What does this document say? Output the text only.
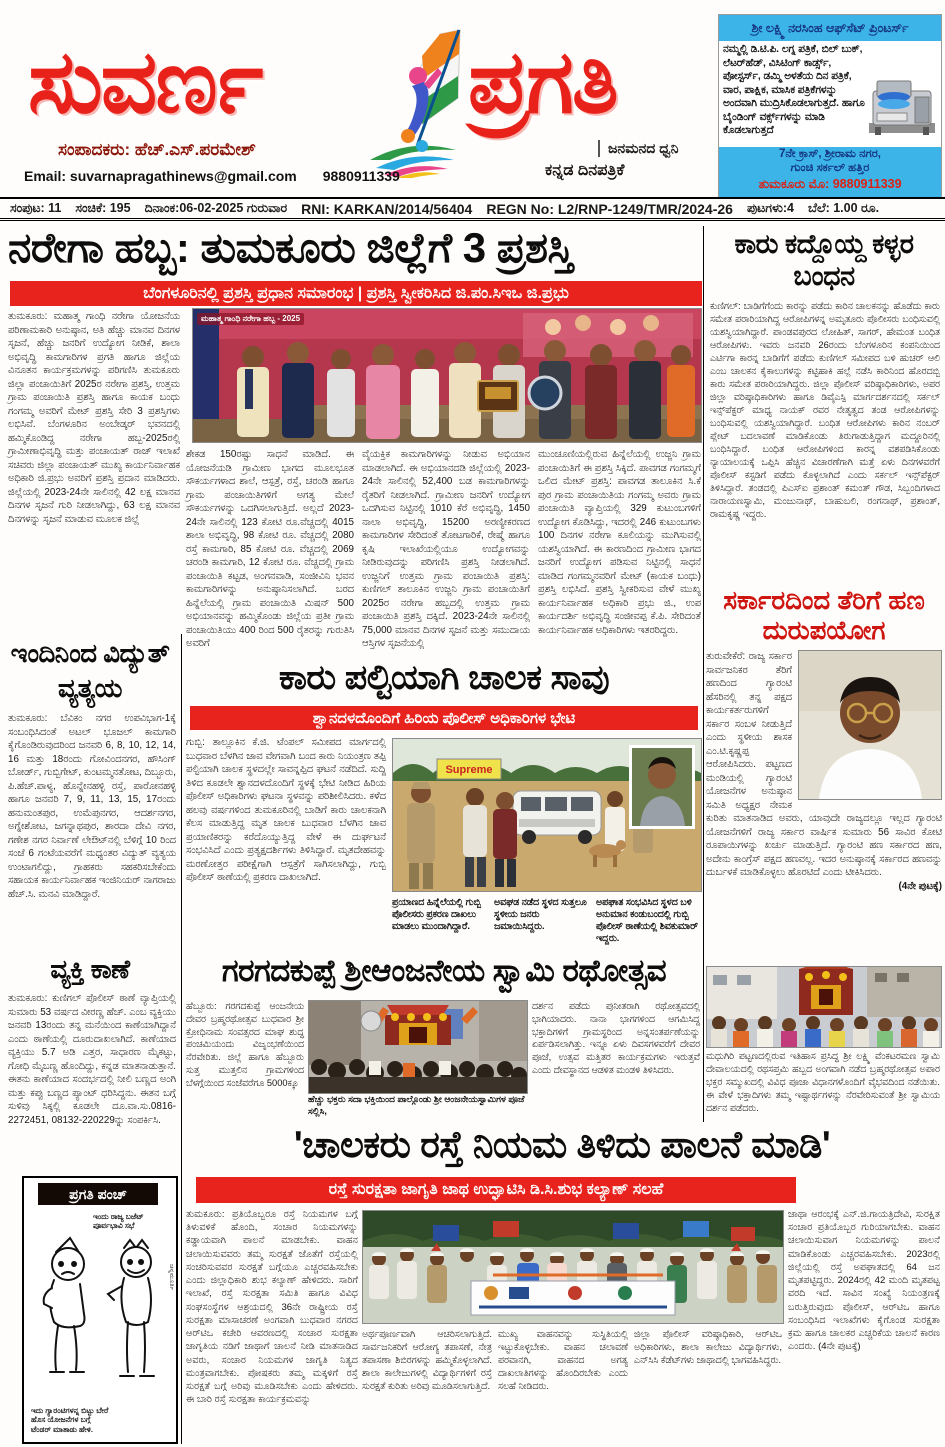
ಸುವರ್ಣ ಪ್ರಗತಿ
ಸಂಪಾದಕರು: ಹೆಚ್.ಎಸ್.ಪರಮೇಶ್
Email: suvarnapragathinews@gmail.com 9880911339
ಜನಮನದ ಧ್ವನಿ
ಕನ್ನಡ ದಿನಪತ್ರಿಕೆ
ಶ್ರೀ ಲಕ್ಷ್ಮಿ ನರಸಿಂಹ ಆಫ್‌ಸೆಟ್ ಪ್ರಿಂಟರ್ಸ್
ನಮ್ಮಲ್ಲಿ ಡಿ.ಟಿ.ಪಿ. ಲಗ್ನ ಪತ್ರಿಕೆ, ಬಿಲ್ ಬುಕ್, ಲೆಟರ್‌ಹೆಡ್, ವಿಸಿಟಿಂಗ್ ಕಾರ್ಡ್ಸ್, ಪೋಸ್ಟರ್ಸ್, ಡಮ್ಮಿ ಅಳತೆಯ ದಿನ ಪತ್ರಿಕೆ, ವಾರ, ಪಾಕ್ಷಿಕ, ಮಾಸಿಕ ಪತ್ರಿಕೆಗಳನ್ನು ಅಂದವಾಗಿ ಮುದ್ರಿಸಿಕೊಡಲಾಗುತ್ತದೆ. ಹಾಗೂ ಬೈಂಡಿಂಗ್ ವರ್ಕ್ಸ್‌ಗಳನ್ನು ಮಾಡಿ ಕೊಡಲಾಗುತ್ತದೆ
7ನೇ ಕ್ರಾಸ್, ಶ್ರೀರಾಮ ನಗರ,
ಗುಂಚಿ ಸರ್ಕಲ್ ಹತ್ತಿರ
ತುಮಕೂರು ಮೊ: 9880911339
ಸಂಪುಟ: 11 ಸಂಚಿಕೆ: 195 ದಿನಾಂಕ:06-02-2025 ಗುರುವಾರ RNI: KARKAN/2014/56404 REGN No: L2/RNP-1249/TMR/2024-26 ಪುಟಗಳು:4 ಬೆಲೆ: 1.00 ರೂ.
ನರೇಗಾ ಹಬ್ಬ: ತುಮಕೂರು ಜಿಲ್ಲೆಗೆ 3 ಪ್ರಶಸ್ತಿ
ಬೆಂಗಳೂರಿನಲ್ಲಿ ಪ್ರಶಸ್ತಿ ಪ್ರಧಾನ ಸಮಾರಂಭ | ಪ್ರಶಸ್ತಿ ಸ್ವೀಕರಿಸಿದ ಜಿ.ಪಂ.ಸಿಇಒ ಜಿ.ಪ್ರಭು
ತುಮಕೂರು: ಮಹಾತ್ಮ ಗಾಂಧಿ ನರೇಗಾ ಯೋಜನೆಯ ಪರಿಣಾಮಕಾರಿ ಅನುಷ್ಠಾನ, ಅತಿ ಹೆಚ್ಚು ಮಾನವ ದಿನಗಳ ಸೃಜನೆ, ಹೆಚ್ಚು ಜನರಿಗೆ ಉದ್ಯೋಗ ನೀಡಿಕೆ, ಶಾಲಾ ಅಭಿವೃದ್ಧಿ ಕಾಮಗಾರಿಗಳ ಪ್ರಗತಿ ಹಾಗೂ ಜಿಲ್ಲೆಯ ವಿನೂತನ ಕಾರ್ಯಕ್ರಮಗಳನ್ನು ಪರಿಗಣಿಸಿ ತುಮಕೂರು ಜಿಲ್ಲಾ ಪಂಚಾಯಿತಿಗೆ 2025ರ ನರೇಗಾ ಪ್ರಶಸ್ತಿ, ಉತ್ತಮ ಗ್ರಾಮ ಪಂಚಾಯಿತಿ ಪ್ರಶಸ್ತಿ ಹಾಗೂ ಕಾಯಕ ಬಂಧು ಗಂಗಮ್ಮ ಅವರಿಗೆ ಮೇಟ್ ಪ್ರಶಸ್ತಿ ಸೇರಿ 3 ಪ್ರಶಸ್ತಿಗಳು ಲಭಿಸಿವೆ. ಬೆಂಗಳೂರಿನ ಅಂಬೇಡ್ಕರ್ ಭವನದಲ್ಲಿ ಹಮ್ಮಿಕೊಂಡಿದ್ದ ನರೇಗಾ ಹಬ್ಬ-2025ರಲ್ಲಿ ಗ್ರಾಮೀಣಾಭಿವೃದ್ಧಿ ಮತ್ತು ಪಂಚಾಯತ್ ರಾಜ್ ಇಲಾಖೆ ಸಚಿವರು ಜಿಲ್ಲಾ ಪಂಚಾಯತ್ ಮುಖ್ಯ ಕಾರ್ಯನಿರ್ವಾಹಕ ಅಧಿಕಾರಿ ಜಿ.ಪ್ರಭು ಅವರಿಗೆ ಪ್ರಶಸ್ತಿ ಪ್ರದಾನ ಮಾಡಿದರು. ಜಿಲ್ಲೆಯಲ್ಲಿ 2023-24ನೇ ಸಾಲಿನಲ್ಲಿ 42 ಲಕ್ಷ ಮಾನವ ದಿನಗಳ ಸೃಜನೆ ಗುರಿ ನೀಡಲಾಗಿದ್ದು, 63 ಲಕ್ಷ ಮಾನವ ದಿನಗಳನ್ನು ಸೃಜನೆ ಮಾಡುವ ಮೂಲಕ ಜಿಲ್ಲೆ
ಮಹಾತ್ಮ ಗಾಂಧಿ ನರೇಗಾ ಹಬ್ಬ - 2025
ಶೇಕಡ 150ರಷ್ಟು ಸಾಧನೆ ಮಾಡಿದೆ. ಈ ಯೋಜನೆಯಡಿ ಗ್ರಾಮೀಣ ಭಾಗದ ಮೂಲಭೂತ ಸೌಕರ್ಯಗಳಾದ ಶಾಲೆ, ಆಸ್ಪತ್ರೆ, ರಸ್ತೆ, ಚರಂಡಿ ಹಾಗೂ ಗ್ರಾಮ ಪಂಚಾಯಿತಿಗಳಿಗೆ ಅಗತ್ಯ ಮೇಲೆ ಸೌಕರ್ಯಗಳನ್ನು ಒದಗಿಸಲಾಗುತ್ತಿದೆ. ಅಲ್ಲದೆ 2023-24ನೇ ಸಾಲಿನಲ್ಲಿ 123 ಕೋಟಿ ರೂ.ವೆಚ್ಚದಲ್ಲಿ 4015 ಶಾಲಾ ಅಭಿವೃದ್ಧಿ, 98 ಕೋಟಿ ರೂ. ವೆಚ್ಚದಲ್ಲಿ 2080 ರಸ್ತೆ ಕಾಮಗಾರಿ, 85 ಕೋಟಿ ರೂ. ವೆಚ್ಚದಲ್ಲಿ 2069 ಚರಂಡಿ ಕಾಮಗಾರಿ, 12 ಕೋಟಿ ರೂ. ವೆಚ್ಚದಲ್ಲಿ ಗ್ರಾಮ ಪಂಚಾಯಿತಿ ಕಟ್ಟಡ, ಅಂಗನವಾಡಿ, ಸಂಜೀವಿನಿ ಭವನ ಕಾಮಗಾರಿಗಳನ್ನು ಅನುಷ್ಠಾನಿಸಲಾಗಿದೆ. ಬರದ ಹಿನ್ನೆಲೆಯಲ್ಲಿ ಗ್ರಾಮ ಪಂಚಾಯಿತಿ ಮಿಷನ್ 500 ಅಭಿಯಾನವನ್ನು ಹಮ್ಮಿಕೊಂಡು ಜಿಲ್ಲೆಯ ಪ್ರತೀ ಗ್ರಾಮ ಪಂಚಾಯಿತಿಯು 400 ರಿಂದ 500 ರೈತರನ್ನು ಗುರುತಿಸಿ ಅವರಿಗೆ
ವೈಯಕ್ತಿಕ ಕಾಮಗಾರಿಗಳನ್ನು ನೀಡುವ ಅಭಿಯಾನ ಮಾಡಲಾಗಿದೆ. ಈ ಅಭಿಯಾನದಡಿ ಜಿಲ್ಲೆಯಲ್ಲಿ 2023-24ನೇ ಸಾಲಿನಲ್ಲಿ 52,400 ಬಡ ಕಾಮಗಾರಿಗಳನ್ನು ರೈತರಿಗೆ ನೀಡಲಾಗಿದೆ. ಗ್ರಾಮೀಣ ಜನರಿಗೆ ಉದ್ಯೋಗ ಒದಗಿಸುವ ನಿಟ್ಟಿನಲ್ಲಿ 1010 ಕೆರೆ ಅಭಿವೃದ್ಧಿ, 1450 ನಾಲಾ ಅಭಿವೃದ್ಧಿ, 15200 ಅರಣ್ಯೀಕರಣದ ಕಾಮಗಾರಿಗಳ ಸೇರಿದಂತೆ ತೋಟಗಾರಿಕೆ, ರೇಷ್ಮೆ ಹಾಗೂ ಕೃಷಿ ಇಲಾಖೆಯಲ್ಲಿಯೂ ಉದ್ಯೋಗವನ್ನು ನೀಡಿರುವುದನ್ನು ಪರಿಗಣಿಸಿ ಪ್ರಶಸ್ತಿ ನೀಡಲಾಗಿದೆ. ಉಜ್ಜನಿಗೆ ಉತ್ತಮ ಗ್ರಾಮ ಪಂಚಾಯಿತಿ ಪ್ರಶಸ್ತಿ: ಕುಣಿಗಲ್ ತಾಲೂಕಿನ ಉಜ್ಜನಿ ಗ್ರಾಮ ಪಂಚಾಯಿತಿಗೆ 2025ರ ನರೇಗಾ ಹಬ್ಬದಲ್ಲಿ ಉತ್ತಮ ಗ್ರಾಮ ಪಂಚಾಯಿತಿ ಪ್ರಶಸ್ತಿ ದಕ್ಕಿದೆ. 2023-24ನೇ ಸಾಲಿನಲ್ಲಿ 75,000 ಮಾನವ ದಿನಗಳ ಸೃಜನೆ ಮತ್ತು ಸಮುದಾಯ ಆಸ್ತಿಗಳ ಸೃಜನೆಯಲ್ಲಿ
ಮುಂಚೂಣಿಯಲ್ಲಿರುವ ಹಿನ್ನೆಲೆಯಲ್ಲಿ ಉಜ್ಜನಿ ಗ್ರಾಮ ಪಂಚಾಯಿತಿಗೆ ಈ ಪ್ರಶಸ್ತಿ ಸಿಕ್ಕಿದೆ. ಪಾವಗಡ ಗಂಗಮ್ಮಗೆ ಒಲಿದ ಮೇಟ್ ಪ್ರಶಸ್ತಿ: ಪಾವಗಡ ತಾಲೂಕಿನ ಸಿ.ಕೆ ಪುರ ಗ್ರಾಮ ಪಂಚಾಯಿತಿಯ ಗಂಗಮ್ಮ ಅವರು ಗ್ರಾಮ ಪಂಚಾಯಿತಿ ವ್ಯಾಪ್ತಿಯಲ್ಲಿ 329 ಕುಟುಂಬಗಳಿಗೆ ಉದ್ಯೋಗ ಕೊಡಿಸಿದ್ದು, ಇದರಲ್ಲಿ 246 ಕುಟುಂಬಗಳು 100 ದಿನಗಳ ನರೇಗಾ ಕೂಲಿಯನ್ನು ಮುಗಿಸುವಲ್ಲಿ ಯಶಸ್ವಿಯಾಗಿದೆ. ಈ ಕಾರಣದಿಂದ ಗ್ರಾಮೀಣ ಭಾಗದ ಜನರಿಗೆ ಉದ್ಯೋಗ ಪಡಿಸುವ ನಿಟ್ಟಿನಲ್ಲಿ ಸಾಧನೆ ಮಾಡಿದ ಗಂಗಮ್ಮನವರಿಗೆ ಮೇಟ್ (ಕಾಯಕ ಬಂಧು) ಪ್ರಶಸ್ತಿ ಲಭಿಸಿದೆ. ಪ್ರಶಸ್ತಿ ಸ್ವೀಕರಿಸುವ ವೇಳೆ ಮುಖ್ಯ ಕಾರ್ಯನಿರ್ವಾಹಕ ಅಧಿಕಾರಿ ಪ್ರಭು ಜಿ., ಉಪ ಕಾರ್ಯದರ್ಶಿ ಅಭಿವೃದ್ಧಿ ಸಂಜೀವಪ್ಪ ಕೆ.ಪಿ. ಸೇರಿದಂತೆ ಕಾರ್ಯನಿರ್ವಾಹಕ ಅಧಿಕಾರಿಗಳು ಇತರರಿದ್ದರು.
ಕಾರು ಕದ್ದೊಯ್ದ ಕಳ್ಳರ ಬಂಧನ
ಕುಣಿಗಲ್: ಬಾಡಿಗೆಗೆಂದು ಕಾರನ್ನು ಪಡೆದು ಕಾರಿನ ಚಾಲಕನನ್ನು ಹೊಡೆದು ಕಾರು ಸಮೇತ ಪರಾರಿಯಾಗಿದ್ದ ಆರೋಪಿಗಳನ್ನ ಅಮೃತೂರು ಪೊಲೀಸರು ಬಂಧಿಸುವಲ್ಲಿ ಯಶಸ್ವಿಯಾಗಿದ್ದಾರೆ. ಪಾಂಡವಪುರದ ಲೋಹಿತ್, ಸಾಗರ್, ಹೇಮಂತ ಬಂಧಿತ ಆರೋಪಿಗಳು. ಇವರು ಜನವರಿ 26ರಂದು ಬೆಂಗಳೂರಿನ ಕಂಪನಿಯಿಂದ ಎರ್ಟಿಗಾ ಕಾರನ್ನ ಬಾಡಿಗೆಗೆ ಪಡೆದು ಕುಣಿಗಲ್ ಸಮೀಪದ ಬಳಿ ಹುಚರ್ ಆಲಿ ಎಂಬ ಚಾಲಕನ ಕೈಕಾಲುಗಳನ್ನು ಕಟ್ಟಿಹಾಕಿ ಹಲ್ಲೆ ನಡೆಸಿ ಕಾರಿನಿಂದ ಹೊರದಬ್ಬಿ ಕಾರು ಸಮೇತ ಪರಾರಿಯಾಗಿದ್ದರು. ಜಿಲ್ಲಾ ಪೊಲೀಸ್ ವರಿಷ್ಠಾಧಿಕಾರಿಗಳು, ಅಪರ ಜಿಲ್ಲಾ ವರಿಷ್ಠಾಧಿಕಾರಿಗಳು ಹಾಗೂ ಡಿವೈಎಸ್ಪಿ ಮಾರ್ಗದರ್ಶನದಲ್ಲಿ ಸರ್ಕಲ್ ಇನ್ಸ್‌ಪೆಕ್ಟರ್ ಮಾಧ್ಯ ನಾಯಕ್ ರವರ ನೇತೃತ್ವದ ತಂಡ ಆರೋಪಿಗಳನ್ನು ಬಂಧಿಸುವಲ್ಲಿ ಯಶಸ್ವಿಯಾಗಿದ್ದಾರೆ. ಬಂಧಿತ ಆರೋಪಿಗಳು ಕಾರಿನ ನಂಬರ್ ಪ್ಲೇಟ್ ಬದಲಾವಣೆ ಮಾಡಿಕೊಂಡು ತಿರುಗಾಡುತ್ತಿದ್ದಾಗ ಮದ್ದೂರಿನಲ್ಲಿ ಬಂಧಿಸಿದ್ದಾರೆ. ಬಂಧಿತ ಆರೋಪಿಗಳಿಂದ ಕಾರನ್ನ ವಶಪಡಿಸಿಕೊಂಡು ನ್ಯಾಯಾಲಯಕ್ಕೆ ಒಪ್ಪಿಸಿ ಹೆಚ್ಚಿನ ವಿಚಾರಣೆಗಾಗಿ ಮತ್ತೆ ಏಳು ದಿನಗಳವರೆಗೆ ಪೊಲೀಸ್ ಕಸ್ಟಡಿಗೆ ಪಡೆದು ಕೊಳ್ಳಲಾಗಿದೆ ಎಂದು ಸರ್ಕಲ್ ಇನ್ಸ್‌ಪೆಕ್ಟರ್ ತಿಳಿಸಿದ್ದಾರೆ. ತಂಡದಲ್ಲಿ ಪಿಎಸ್ಐ ಪ್ರಶಾಂತ್ ಕಮಂತ್ ಗೌಡ, ಸಿಬ್ಬಂದಿಗಳಾದ ನಾರಾಯಣಸ್ವಾಮಿ, ಮಂಜುನಾಥ್, ಬಾಹುಬಲಿ, ರಂಗನಾಥ್, ಪ್ರಶಾಂತ್, ರಾಮಕೃಷ್ಣ ಇದ್ದರು.
ಸರ್ಕಾರದಿಂದ ತೆರಿಗೆ ಹಣ ದುರುಪಯೋಗ
ತುರುವೇಕೆರೆ: ರಾಜ್ಯ ಸರ್ಕಾರ ಸಾರ್ವಜನಿಕರ ತೆರಿಗೆ ಹಣದಿಂದ ಗ್ಯಾರಂಟಿ ಹೆಸರಿನಲ್ಲಿ ತನ್ನ ಪಕ್ಷದ ಕಾರ್ಯಕರ್ತರುಗಳಿಗೆ ಸರ್ಕಾರ ಸಂಬಳ ನೀಡುತ್ತಿದೆ ಎಂದು ಸ್ಥಳೀಯ ಶಾಸಕ ಎಂ.ಟಿ.ಕೃಷ್ಣಪ್ಪ ಆರೋಪಿಸಿದರು. ಪಟ್ಟಣದ ಮಂಡಿಯಲ್ಲಿ ಗ್ಯಾರಂಟಿ ಯೋಜನೆಗಳ ಅನುಷ್ಠಾನ ಸಮಿತಿ ಅಧ್ಯಕ್ಷರ ನೇಮಕ ಕುರಿತು ಮಾತನಾಡಿದ ಅವರು, ಯಾವುದೇ ರಾಜ್ಯದಲ್ಲೂ ಇಲ್ಲದ ಗ್ಯಾರಂಟಿ ಯೋಜನೆಗಳಿಗೆ ರಾಜ್ಯ ಸರ್ಕಾರ ವಾರ್ಷಿಕ ಸುಮಾರು 56 ಸಾವಿರ ಕೋಟಿ ರೂಪಾಯಿಗಳನ್ನು ಖರ್ಚು ಮಾಡುತ್ತಿದೆ. ಗ್ಯಾರಂಟಿ ಹಣ ಸರ್ಕಾರದ ಹಣ, ಅದೇನು ಕಾಂಗ್ರೆಸ್ ಪಕ್ಷದ ಹಣವಲ್ಲ. ಇದರ ಅನುಷ್ಠಾನಕ್ಕೆ ಸರ್ಕಾರದ ಹಣವನ್ನು ದುರ್ಬಳಕೆ ಮಾಡಿಕೊಳ್ಳಲು ಹೊರಟಿದೆ ಎಂದು ಟೀಕಿಸಿದರು.
(4ನೇ ಪುಟಕ್ಕೆ)
ಮಧುಗಿರಿ ಪಟ್ಟಣದಲ್ಲಿರುವ ಇತಿಹಾಸ ಪ್ರಸಿದ್ಧ ಶ್ರೀ ಲಕ್ಷ್ಮಿ ವೆಂಕಟರಮಣ ಸ್ವಾಮಿ ದೇವಾಲಯದಲ್ಲಿ ರಥಸಪ್ತಮಿ ಹಬ್ಬದ ಅಂಗವಾಗಿ ನಡೆದ ಬ್ರಹ್ಮರಥೋತ್ಸವ ಅಪಾರ ಭಕ್ತರ ಸಮ್ಮುಖದಲ್ಲಿ ವಿವಿಧ ಪೂಜಾ ವಿಧಾನಗಳೊಂದಿಗೆ ವೈಭವದಿಂದ ನಡೆಯಿತು. ಈ ವೇಳೆ ಭಕ್ತಾದಿಗಳು ತಮ್ಮ ಇಷ್ಟಾರ್ಥಗಳನ್ನು ನೆರವೇರಿಸುವಂತೆ ಶ್ರೀ ಸ್ವಾಮಿಯ ದರ್ಶನ ಪಡೆದರು.
ಕಾರು ಪಲ್ಟಿಯಾಗಿ ಚಾಲಕ ಸಾವು
ಶ್ವಾನದಳದೊಂದಿಗೆ ಹಿರಿಯ ಪೊಲೀಸ್ ಅಧಿಕಾರಿಗಳ ಭೇಟಿ
ಗುಬ್ಬಿ: ತಾಲ್ಲೂಕಿನ ಕೆ.ಜಿ. ಟೆಂಪಲ್ ಸಮೀಪದ ಮಾರ್ಗದಲ್ಲಿ ಬುಧವಾರ ಬೆಳಗಿನ ಜಾವ ವೇಗವಾಗಿ ಬಂದ ಕಾರು ನಿಯಂತ್ರಣ ತಪ್ಪಿ ಪಲ್ಟಿಯಾಗಿ ಚಾಲಕ ಸ್ಥಳದಲ್ಲೇ ಸಾವನ್ನಪ್ಪಿದ ಘಟನೆ ನಡೆದಿದೆ. ಸುದ್ದಿ ತಿಳಿದ ಕೂಡಲೇ ಶ್ವಾನದಳದೊಂದಿಗೆ ಸ್ಥಳಕ್ಕೆ ಭೇಟಿ ನೀಡಿದ ಹಿರಿಯ ಪೊಲೀಸ್ ಅಧಿಕಾರಿಗಳು ಘಟನಾ ಸ್ಥಳವನ್ನು ಪರಿಶೀಲಿಸಿದರು. ಕಳೆದ ಹಲವು ವರ್ಷಗಳಿಂದ ತುಮಕೂರಿನಲ್ಲಿ ಬಾಡಿಗೆ ಕಾರು ಚಾಲಕನಾಗಿ ಕೆಲಸ ಮಾಡುತ್ತಿದ್ದ ಮೃತ ಚಾಲಕ ಬುಧವಾರ ಬೆಳಗಿನ ಜಾವ ಪ್ರಯಾಣಿಕರನ್ನು ಕರೆದೊಯ್ಯುತ್ತಿದ್ದ ವೇಳೆ ಈ ದುರ್ಘಟನೆ ಸಂಭವಿಸಿದೆ ಎಂದು ಪ್ರತ್ಯಕ್ಷದರ್ಶಿಗಳು ತಿಳಿಸಿದ್ದಾರೆ. ಮೃತದೇಹವನ್ನು ಮರಣೋತ್ತರ ಪರೀಕ್ಷೆಗಾಗಿ ಆಸ್ಪತ್ರೆಗೆ ಸಾಗಿಸಲಾಗಿದ್ದು, ಗುಬ್ಬಿ ಪೊಲೀಸ್ ಠಾಣೆಯಲ್ಲಿ ಪ್ರಕರಣ ದಾಖಲಾಗಿದೆ.
Supreme
ಪ್ರಯಾಣದ ಹಿನ್ನೆಲೆಯಲ್ಲಿ ಗುಬ್ಬಿ ಪೊಲೀಸರು ಪ್ರಕರಣ ದಾಖಲು ಮಾಡಲು ಮುಂದಾಗಿದ್ದಾರೆ.
ಅವಘಡ ನಡೆದ ಸ್ಥಳದ ಸುತ್ತಲೂ ಸ್ಥಳೀಯ ಜನರು ಜಮಾಯಿಸಿದ್ದರು.
ಅಪಘಾತ ಸಂಭವಿಸಿದ ಸ್ಥಳದ ಬಳಿ ಅನುಮಾನ ಕಂಡುಬಂದಲ್ಲಿ ಗುಬ್ಬಿ ಪೊಲೀಸ್ ಠಾಣೆಯಲ್ಲಿ ಶಿವಕುಮಾರ್ ಇದ್ದರು.
ಗರಗದಕುಪ್ಪೆ ಶ್ರೀಆಂಜನೇಯ ಸ್ವಾಮಿ ರಥೋತ್ಸವ
ಹೆಬ್ಬೂರು: ಗರಗದಕುಪ್ಪೆ ಆಂಜನೇಯ ದೇವರ ಬ್ರಹ್ಮರಥೋತ್ಸವ ಬುಧವಾರ ಶ್ರೀ ಕ್ರೋಧಿನಾಮ ಸಂವತ್ಸರದ ಮಾಘ ಶುದ್ಧ ಪಂಚಮಿಯಂದು ವಿಜೃಂಭಣೆಯಿಂದ ನೆರವೇರಿತು. ಜಿಲ್ಲೆ ಹಾಗೂ ಹೆಬ್ಬೂರು ಸುತ್ತ ಮುತ್ತಲಿನ ಗ್ರಾಮಗಳಿಂದ ಬೆಳಗ್ಗೆಯಿಂದ ಸಂಜೆವರೆಗೂ 5000ಕ್ಕೂ
ಹೆಚ್ಚು ಭಕ್ತರು ಸದಾ ಭಕ್ತಿಯಿಂದ ಪಾಲ್ಗೊಂಡು ಶ್ರೀ ಆಂಜನೇಯಸ್ವಾಮಿಗಳ ಪೂಜೆ ಸಲ್ಲಿಸಿ,
ದರ್ಶನ ಪಡೆದು ಪುನೀತರಾಗಿ ರಥೋತ್ಸವದಲ್ಲಿ ಭಾಗಿಯಾದರು. ನಾನಾ ಭಾಗಗಳಿಂದ ಆಗಮಿಸಿದ್ದ ಭಕ್ತಾದಿಗಳಿಗೆ ಗ್ರಾಮಸ್ಥರಿಂದ ಅನ್ನಸಂತರ್ಪಣೆಯನ್ನು ಏರ್ಪಡಿಸಲಾಗಿತ್ತು. ಇನ್ನೂ ಏಳು ದಿವಸಗಳವರೆಗೆ ದೇವರ ಪೂಜೆ, ಉತ್ಸವ ಮತ್ತಿತರ ಕಾರ್ಯಕ್ರಮಗಳು ಇರುತ್ತವೆ ಎಂದು ದೇವಸ್ಥಾನದ ಆಡಳಿತ ಮಂಡಳಿ ತಿಳಿಸಿದರು.
ಇಂದಿನಿಂದ ವಿದ್ಯುತ್ ವ್ಯತ್ಯಯ
ತುಮಕೂರು: ಬೆವಿಕಂ ನಗರ ಉಪವಿಭಾಗ-1ಕ್ಕೆ ಸಂಬಂಧಿಸಿದಂತೆ ಅಟಲ್ ಭೂಜಲ್ ಕಾಮಗಾರಿ ಕೈಗೊಂಡಿರುವುದರಿಂದ ಜನವರಿ 6, 8, 10, 12, 14, 16 ಮತ್ತು 18ರಂದು ಗೋವಿಂದನಗರ, ಹೌಸಿಂಗ್ ಬೋರ್ಡ್, ಗುಬ್ಬಿಗೇಟ್, ಕುಂಟಮ್ಮನತೋಟ, ದಿಬ್ಬೂರು, ಪಿ.ಹೆಚ್.ಪಾಳ್ಯ, ಹೊನ್ನೇನಹಳ್ಳಿ ರಸ್ತೆ, ಪಾರೋನಹಳ್ಳಿ ಹಾಗೂ ಜನವರಿ 7, 9, 11, 13, 15, 17ರಂದು ಹನುಮಂತಪುರ, ಉಮೆಪುನಗರ, ಆದರ್ಶನಗರ, ಅಗ್ನೇಶೋಟ, ಜಗನ್ನಾಥಪುರ, ಶಾರದಾ ದೇವಿ ನಗರ, ಗಣೇಶ ನಗರ ನಿರ್ವಾಣೆ ಲೇಔಟ್‌ನಲ್ಲಿ ಬೆಳಿಗ್ಗೆ 10 ರಿಂದ ಸಂಜೆ 6 ಗಂಟೆಯವರೆಗೆ ಮಧ್ಯಂತರ ವಿದ್ಯುತ್ ವ್ಯತ್ಯಯ ಉಂಟಾಗಲಿದ್ದು, ಗ್ರಾಹಕರು ಸಹಕರಿಸಬೇಕೆಂದು ಸಹಾಯಕ ಕಾರ್ಯನಿರ್ವಾಹಕ ಇಂಜಿನಿಯರ್ ನಾಗರಾಜು ಹೆಚ್.ಸಿ. ಮನವಿ ಮಾಡಿದ್ದಾರೆ.
ವ್ಯಕ್ತಿ ಕಾಣೆ
ತುಮಕೂರು: ಕುಣಿಗಲ್ ಪೊಲೀಸ್ ಠಾಣೆ ವ್ಯಾಪ್ತಿಯಲ್ಲಿ ಸುಮಾರು 53 ವರ್ಷದ ವೀರಣ್ಣ ಹೆಚ್. ಎಂಬ ವ್ಯಕ್ತಿಯು ಜನವರಿ 13ರಂದು ತನ್ನ ಮನೆಯಿಂದ ಕಾಣೆಯಾಗಿದ್ದಾನೆ ಎಂದು ಠಾಣೆಯಲ್ಲಿ ದೂರುದಾಖಲಾಗಿದೆ. ಕಾಣೆಯಾದ ವ್ಯಕ್ತಿಯು 5.7 ಅಡಿ ಎತ್ತರ, ಸಾಧಾರಣ ಮೈಕಟ್ಟು, ಗೋಧಿ ಮೈಬಣ್ಣ ಹೊಂದಿದ್ದು, ಕನ್ನಡ ಮಾತನಾಡುತ್ತಾನೆ. ಈತನು ಕಾಣೆಯಾದ ಸಂದರ್ಭದಲ್ಲಿ ನೀಲಿ ಬಣ್ಣದ ಅಂಗಿ ಮತ್ತು ಕಪ್ಪು ಬಣ್ಣದ ಪ್ಯಾಂಟ್ ಧರಿಸಿದ್ದನು. ಈತನ ಬಗ್ಗೆ ಸುಳಿವು ಸಿಕ್ಕಲ್ಲಿ ಕೂಡಲೇ ದೂ.ವಾ.ಸು.0816-2272451, 08132-220229ನ್ನು ಸಂಪರ್ಕಿಸಿ.
ಪ್ರಗತಿ ಪಂಚ್
ಇಂದು ರಾಜ್ಯ ಬಜೆಟ್ ಪೂರ್ವಭಾವಿ ಸಭೆ
ಇದು ಗ್ಯಾರಂಟಿಗಳನ್ನ ಬಿಟ್ಟು ಬೇರೆ ಹೊಸ ಯೋಜನೆಗಳ ಬಗ್ಗೆ ಟೆಂಡರ್ ಮಾತಾಡು ಹೇಳಿ.
ಚನ್ನಮೂರ್ತಿ
'ಚಾಲಕರು ರಸ್ತೆ ನಿಯಮ ತಿಳಿದು ಪಾಲನೆ ಮಾಡಿ'
ರಸ್ತೆ ಸುರಕ್ಷತಾ ಜಾಗೃತಿ ಜಾಥ ಉದ್ಘಾಟಿಸಿ ಡಿ.ಸಿ.ಶುಭ ಕಲ್ಯಾಣ್ ಸಲಹೆ
ತುಮಕೂರು: ಪ್ರತಿಯೊಬ್ಬರೂ ರಸ್ತೆ ನಿಯಮಗಳ ಬಗ್ಗೆ ತಿಳುವಳಿಕೆ ಹೊಂದಿ, ಸಂಚಾರ ನಿಯಮಗಳನ್ನು ಕಡ್ಡಾಯವಾಗಿ ಪಾಲನೆ ಮಾಡಬೇಕು. ವಾಹನ ಚಲಾಯಿಸುವವರು ತಮ್ಮ ಸುರಕ್ಷತೆ ಜೊತೆಗೆ ರಸ್ತೆಯಲ್ಲಿ ಸಂಚರಿಸುವವರ ಸುರಕ್ಷತೆ ಬಗ್ಗೆಯೂ ಎಚ್ಚರವಹಿಸಬೇಕು ಎಂದು ಜಿಲ್ಲಾಧಿಕಾರಿ ಶುಭ ಕಲ್ಯಾಣ್ ಹೇಳಿದರು. ಸಾರಿಗೆ ಇಲಾಖೆ, ರಸ್ತೆ ಸುರಕ್ಷತಾ ಸಮಿತಿ ಹಾಗೂ ವಿವಿಧ ಸಂಘಸಂಸ್ಥೆಗಳ ಆಶ್ರಯದಲ್ಲಿ 36ನೇ ರಾಷ್ಟ್ರೀಯ ರಸ್ತೆ ಸುರಕ್ಷತಾ ಮಾಸಾಚರಣೆ ಅಂಗವಾಗಿ ಬುಧವಾರ ನಗರದ ಆರ್‌ಟಿಒ ಕಚೇರಿ ಆವರಣದಲ್ಲಿ ಸಂಚಾರ ಸುರಕ್ಷತಾ ಜಾಗೃತಿಯ ನಡಿಗೆ ಜಾಥಾಗೆ ಚಾಲನೆ ನೀಡಿ ಮಾತನಾಡಿದ ಅವರು, ಸಂಚಾರ ನಿಯಮಗಳ ಜಾಗೃತಿ ನಿತ್ಯದ ಮಂತ್ರವಾಗಬೇಕು. ಪೋಷಕರು ತಮ್ಮ ಮಕ್ಕಳಿಗೆ ರಸ್ತೆ ಸುರಕ್ಷತೆ ಬಗ್ಗೆ ಅರಿವು ಮೂಡಿಸಬೇಕು ಎಂದು ಹೇಳಿದರು. ಈ ಬಾರಿ ರಸ್ತೆ ಸುರಕ್ಷತಾ ಕಾರ್ಯಕ್ರಮವನ್ನು
ಅರ್ಥಪೂರ್ಣವಾಗಿ ಆಚರಿಸಲಾಗುತ್ತಿದೆ. ಸಾರ್ವಜನಿಕರಿಗೆ ಆರೋಗ್ಯ ತಪಾಸಣೆ, ನೇತ್ರ ತಪಾಸಣಾ ಶಿಬಿರಗಳನ್ನು ಹಮ್ಮಿಕೊಳ್ಳಲಾಗಿದೆ. ಶಾಲಾ ಕಾಲೇಜುಗಳಲ್ಲಿ ವಿದ್ಯಾರ್ಥಿಗಳಿಗೆ ರಸ್ತೆ ಸುರಕ್ಷತೆ ಕುರಿತು ಅರಿವು ಮೂಡಿಸಲಾಗುತ್ತಿದೆ.
ಮುಖ್ಯ ವಾಹನವನ್ನು ಸುಸ್ಥಿತಿಯಲ್ಲಿ ಇಟ್ಟುಕೊಳ್ಳಬೇಕು. ವಾಹನ ಚಲಾವಣೆ ಪರವಾನಗಿ, ವಾಹನದ ಅಗತ್ಯ ದಾಖಲಾತಿಗಳನ್ನು ಹೊಂದಿರಬೇಕು ಎಂದು ಸಲಹೆ ನೀಡಿದರು.
ಜಿಲ್ಲಾ ಪೊಲೀಸ್ ವರಿಷ್ಠಾಧಿಕಾರಿ, ಆರ್‌ಟಿಒ ಅಧಿಕಾರಿಗಳು, ಶಾಲಾ ಕಾಲೇಜು ವಿದ್ಯಾರ್ಥಿಗಳು, ಎನ್‌ಸಿಸಿ ಕೆಡೆಟ್‌ಗಳು ಜಾಥಾದಲ್ಲಿ ಭಾಗವಹಿಸಿದ್ದರು.
ಜಾಥಾ ಆರಂಭಕ್ಕೆ ಎನ್.ಜಿ.ಗಾಯತ್ರಿದೇವಿ, ಸುರಕ್ಷಿತ ಸಂಚಾರ ಪ್ರತಿಯೊಬ್ಬರ ಗುರಿಯಾಗಬೇಕು. ವಾಹನ ಚಲಾಯಿಸುವಾಗ ನಿಯಮಗಳನ್ನು ಪಾಲನೆ ಮಾಡಿಕೊಂಡು ಎಚ್ಚರವಹಿಸಬೇಕು. 2023ರಲ್ಲಿ ಜಿಲ್ಲೆಯಲ್ಲಿ ರಸ್ತೆ ಅಪಘಾತದಲ್ಲಿ 64 ಜನ ಮೃತಪಟ್ಟಿದ್ದರು. 2024ರಲ್ಲಿ 42 ಮಂದಿ ಮೃತಪಟ್ಟ ವರದಿ ಇದೆ. ಸಾವಿನ ಸಂಖ್ಯೆ ನಿಯಂತ್ರಣಕ್ಕೆ ಬರುತ್ತಿರುವುದು ಪೊಲೀಸ್, ಆರ್‌ಟಿಒ ಹಾಗೂ ಸಂಬಂಧಿಸಿದ ಇಲಾಖೆಗಳು ಕೈಗೊಂಡ ಸುರಕ್ಷತಾ ಕ್ರಮ ಹಾಗೂ ಚಾಲಕರ ಎಚ್ಚರಿಕೆಯ ಚಾಲನೆ ಕಾರಣ ಎಂದರು. (4ನೇ ಪುಟಕ್ಕೆ)
